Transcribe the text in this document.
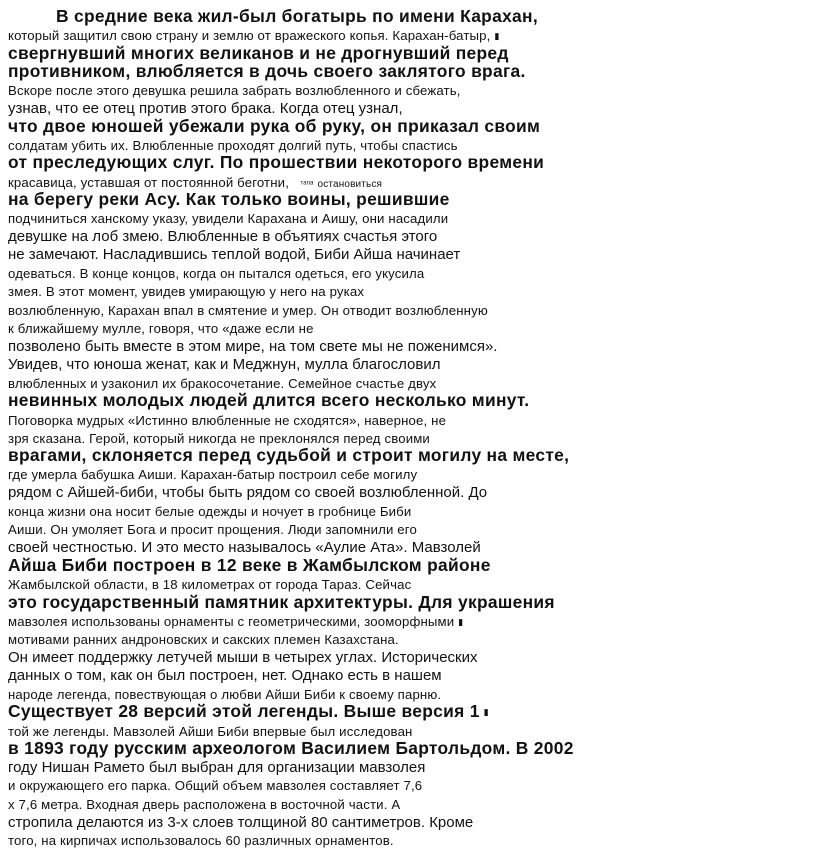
В средние века жил-был богатырь по имени Карахан,
который защитил свою страну и землю от вражеского копья. Карахан-батыр, ▮
свергнувший многих великанов и не дрогнувший перед
противником, влюбляется в дочь своего заклятого врага.
Вскоре после этого девушка решила забрать возлюбленного и сбежать,
узнав, что ее отец против этого брака. Когда отец узнал,
что двое юношей убежали рука об руку, он приказал своим
солдатам убить их. Влюбленные проходят долгий путь, чтобы спастись
от преследующих слуг. По прошествии некоторого времени
красавица, уставшая от постоянной беготни, тапа остановиться
на берегу реки Асу. Как только воины, решившие
подчиниться ханскому указу, увидели Карахана и Аишу, они насадили
девушке на лоб змею. Влюбленные в объятиях счастья этого
не замечают. Насладившись теплой водой, Биби Айша начинает
одеваться. В конце концов, когда он пытался одеться, его укусила
змея. В этот момент, увидев умирающую у него на руках
возлюбленную, Карахан впал в смятение и умер. Он отводит возлюбленную
к ближайшему мулле, говоря, что «даже если не
позволено быть вместе в этом мире, на том свете мы не поженимся».
Увидев, что юноша женат, как и Меджнун, мулла благословил
влюбленных и узаконил их бракосочетание. Семейное счастье двух
невинных молодых людей длится всего несколько минут.
Поговорка мудрых «Истинно влюбленные не сходятся», наверное, не
зря сказана. Герой, который никогда не преклонялся перед своими
врагами, склоняется перед судьбой и строит могилу на месте,
где умерла бабушка Аиши. Карахан-батыр построил себе могилу
рядом с Айшей-биби, чтобы быть рядом со своей возлюбленной. До
конца жизни она носит белые одежды и ночует в гробнице Биби
Аиши. Он умоляет Бога и просит прощения. Люди запомнили его
своей честностью. И это место называлось «Аулие Ата». Мавзолей
Айша Биби построен в 12 веке в Жамбылском районе
Жамбылской области, в 18 километрах от города Тараз. Сейчас
это государственный памятник архитектуры. Для украшения
мавзолея использованы орнаменты с геометрическими, зооморфными ▮
мотивами ранних андроновских и сакских племен Казахстана.
Он имеет поддержку летучей мыши в четырех углах. Исторических
данных о том, как он был построен, нет. Однако есть в нашем
народе легенда, повествующая о любви Айши Биби к своему парню.
Существует 28 версий этой легенды. Выше версия 1 ▮
той же легенды. Мавзолей Айши Биби впервые был исследован
в 1893 году русским археологом Василием Бартольдом. В 2002
году Нишан Рамето был выбран для организации мавзолея
и окружающего его парка. Общий объем мавзолея составляет 7,6
x 7,6 метра. Входная дверь расположена в восточной части. А
стропила делаются из 3-х слоев толщиной 80 сантиметров. Кроме
того, на кирпичах использовалось 60 различных орнаментов.
